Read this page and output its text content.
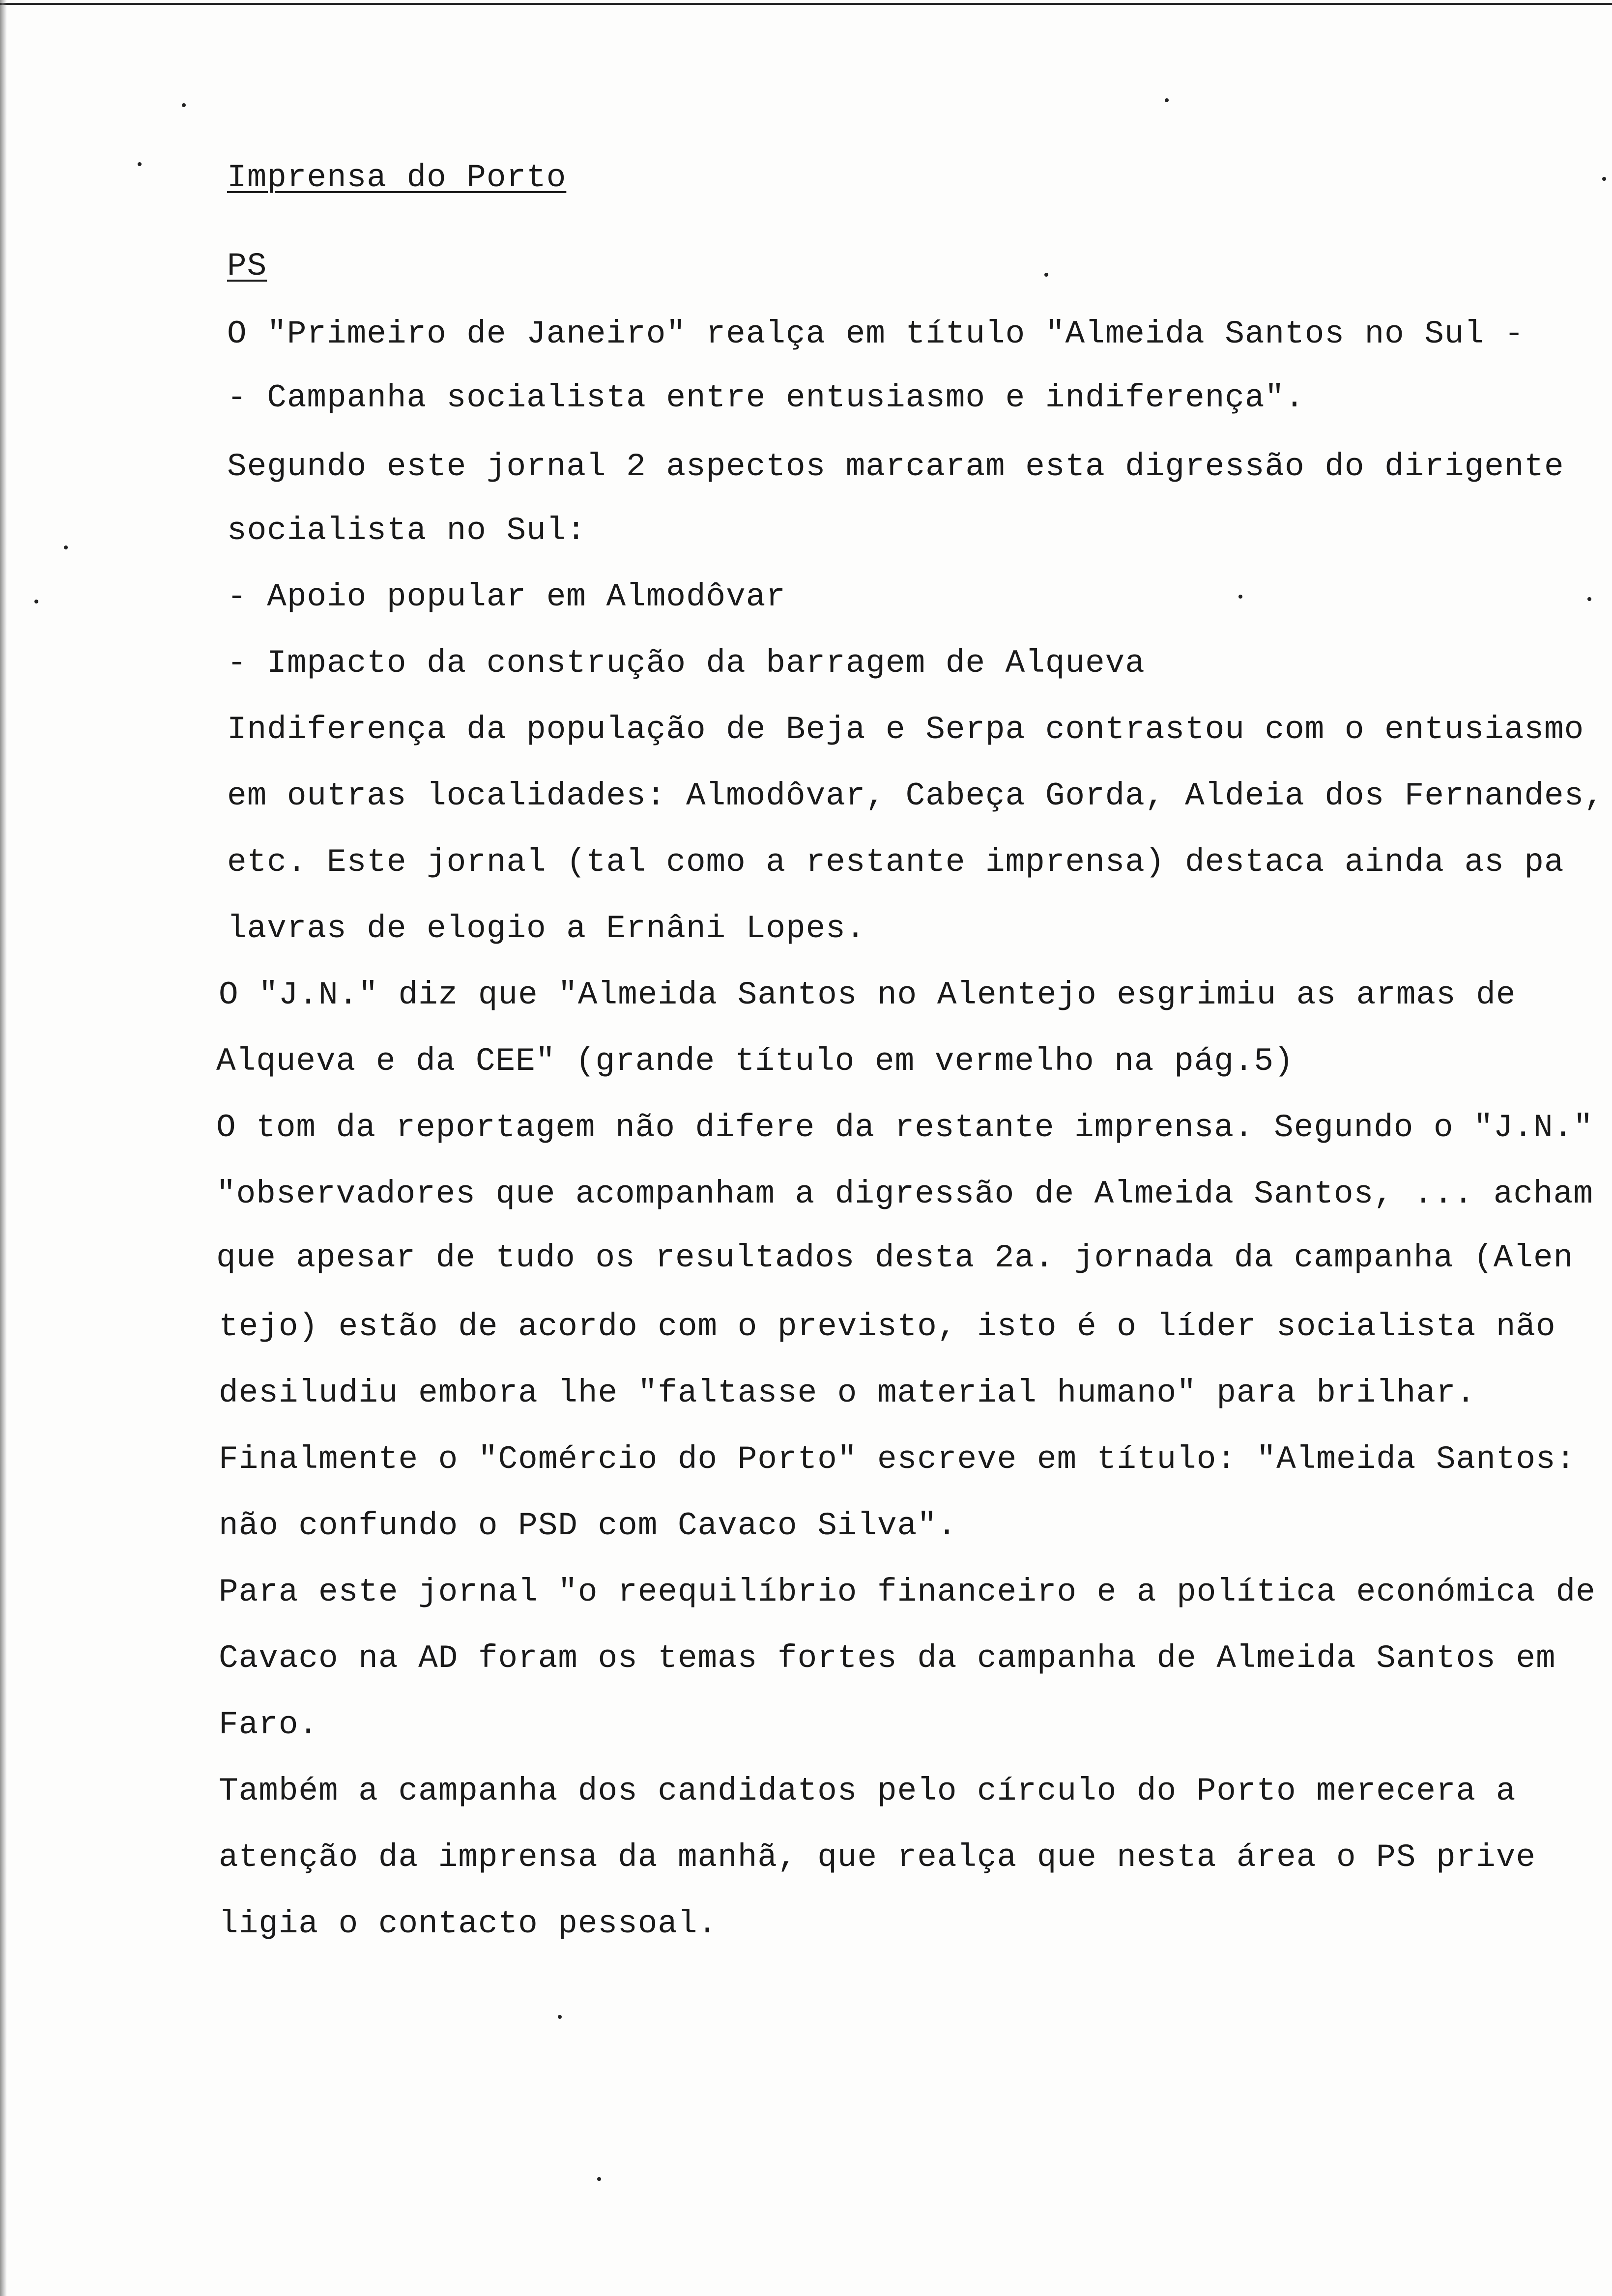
Imprensa do Porto
PS
O "Primeiro de Janeiro" realça em título "Almeida Santos no Sul -
- Campanha socialista entre entusiasmo e indiferença".
Segundo este jornal 2 aspectos marcaram esta digressão do dirigente
socialista no Sul:
- Apoio popular em Almodôvar
- Impacto da construção da barragem de Alqueva
Indiferença da população de Beja e Serpa contrastou com o entusiasmo
em outras localidades: Almodôvar, Cabeça Gorda, Aldeia dos Fernandes,
etc. Este jornal (tal como a restante imprensa) destaca ainda as pa
lavras de elogio a Ernâni Lopes.
O "J.N." diz que "Almeida Santos no Alentejo esgrimiu as armas de
Alqueva e da CEE" (grande título em vermelho na pág.5)
O tom da reportagem não difere da restante imprensa. Segundo o "J.N."
"observadores que acompanham a digressão de Almeida Santos, ... acham
que apesar de tudo os resultados desta 2a. jornada da campanha (Alen
tejo) estão de acordo com o previsto, isto é o líder socialista não
desiludiu embora lhe "faltasse o material humano" para brilhar.
Finalmente o "Comércio do Porto" escreve em título: "Almeida Santos:
não confundo o PSD com Cavaco Silva".
Para este jornal "o reequilíbrio financeiro e a política económica de
Cavaco na AD foram os temas fortes da campanha de Almeida Santos em
Faro.
Também a campanha dos candidatos pelo círculo do Porto merecera a
atenção da imprensa da manhã, que realça que nesta área o PS prive
ligia o contacto pessoal.
